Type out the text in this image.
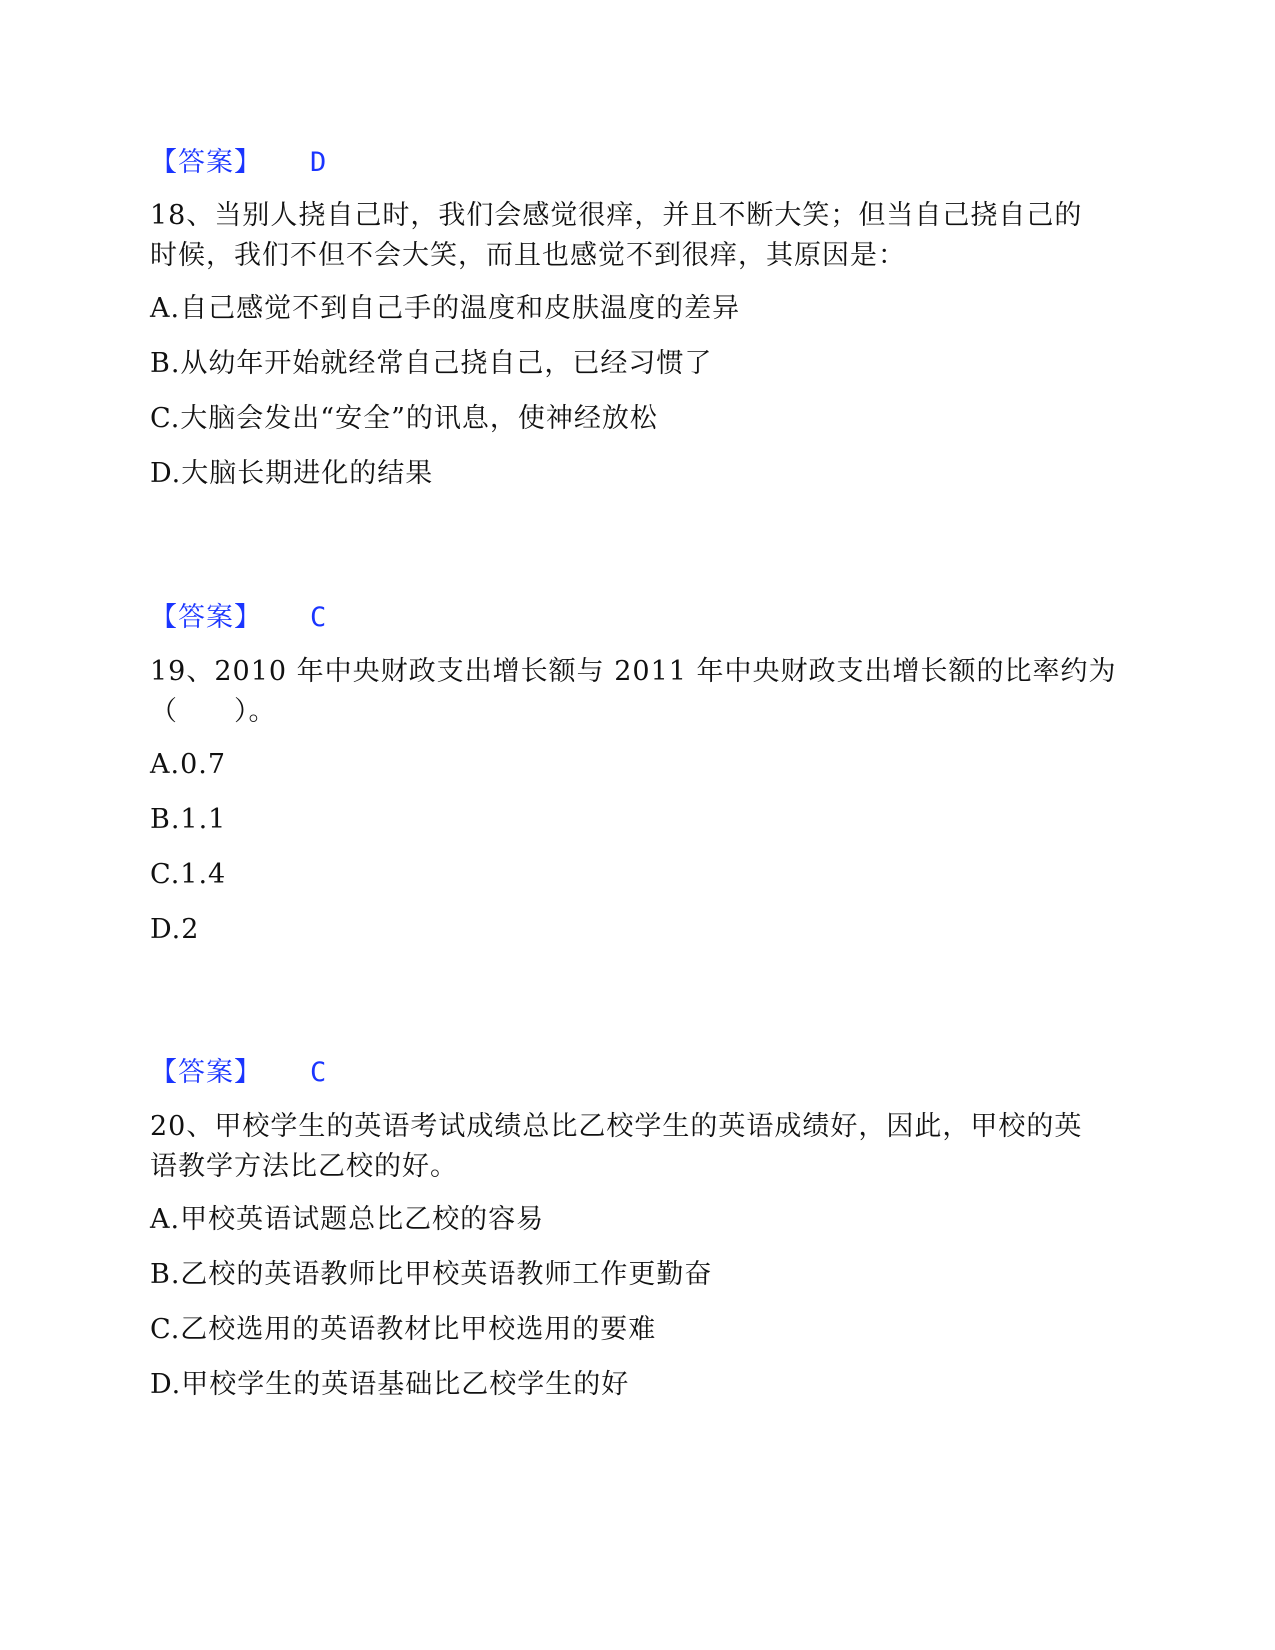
【答案】 D
18、当别人挠自己时，我们会感觉很痒，并且不断大笑；但当自己挠自己的
时候，我们不但不会大笑，而且也感觉不到很痒，其原因是：
A.自己感觉不到自己手的温度和皮肤温度的差异
B.从幼年开始就经常自己挠自己，已经习惯了
C.大脑会发出“安全”的讯息，使神经放松
D.大脑长期进化的结果
【答案】 C
19、2010 年中央财政支出增长额与 2011 年中央财政支出增长额的比率约为
（　　）。
A.0.7
B.1.1
C.1.4
D.2
【答案】 C
20、甲校学生的英语考试成绩总比乙校学生的英语成绩好，因此，甲校的英
语教学方法比乙校的好。
A.甲校英语试题总比乙校的容易
B.乙校的英语教师比甲校英语教师工作更勤奋
C.乙校选用的英语教材比甲校选用的要难
D.甲校学生的英语基础比乙校学生的好
